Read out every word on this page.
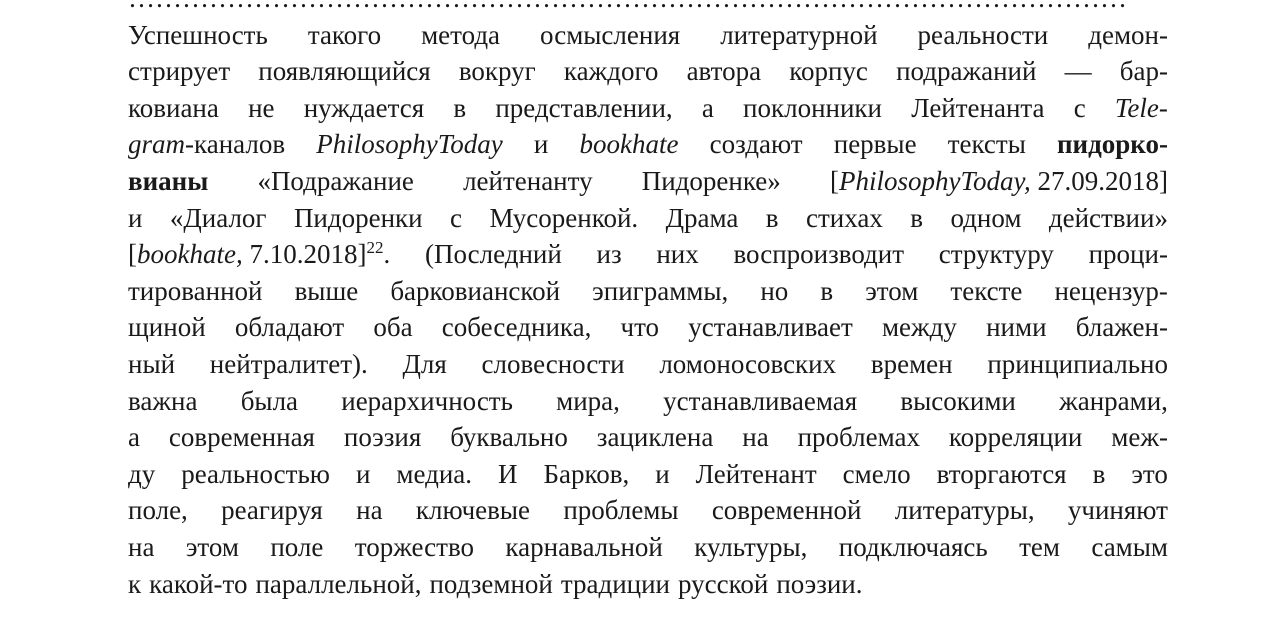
Успешность такого метода осмысления литературной реальности демон-
стрирует появляющийся вокруг каждого автора корпус подражаний — бар-
ковиана не нуждается в представлении, а поклонники Лейтенанта с Tele-
gram-каналов PhilosophyToday и bookhate создают первые тексты пидорко-
вианы «Подражание лейтенанту Пидоренке» [PhilosophyToday, 27.09.2018]
и «Диалог Пидоренки с Мусоренкой. Драма в стихах в одном действии»
[bookhate, 7.10.2018]$^{22}$. (Последний из них воспроизводит структуру проци-
тированной выше барковианской эпиграммы, но в этом тексте нецензур-
щиной обладают оба собеседника, что устанавливает между ними блажен-
ный нейтралитет). Для словесности ломоносовских времен принципиально
важна была иерархичность мира, устанавливаемая высокими жанрами,
а современная поэзия буквально зациклена на проблемах корреляции меж-
ду реальностью и медиа. И Барков, и Лейтенант смело вторгаются в это
поле, реагируя на ключевые проблемы современной литературы, учиняют
на этом поле торжество карнавальной культуры, подключаясь тем самым
к какой-то параллельной, подземной традиции русской поэзии.
